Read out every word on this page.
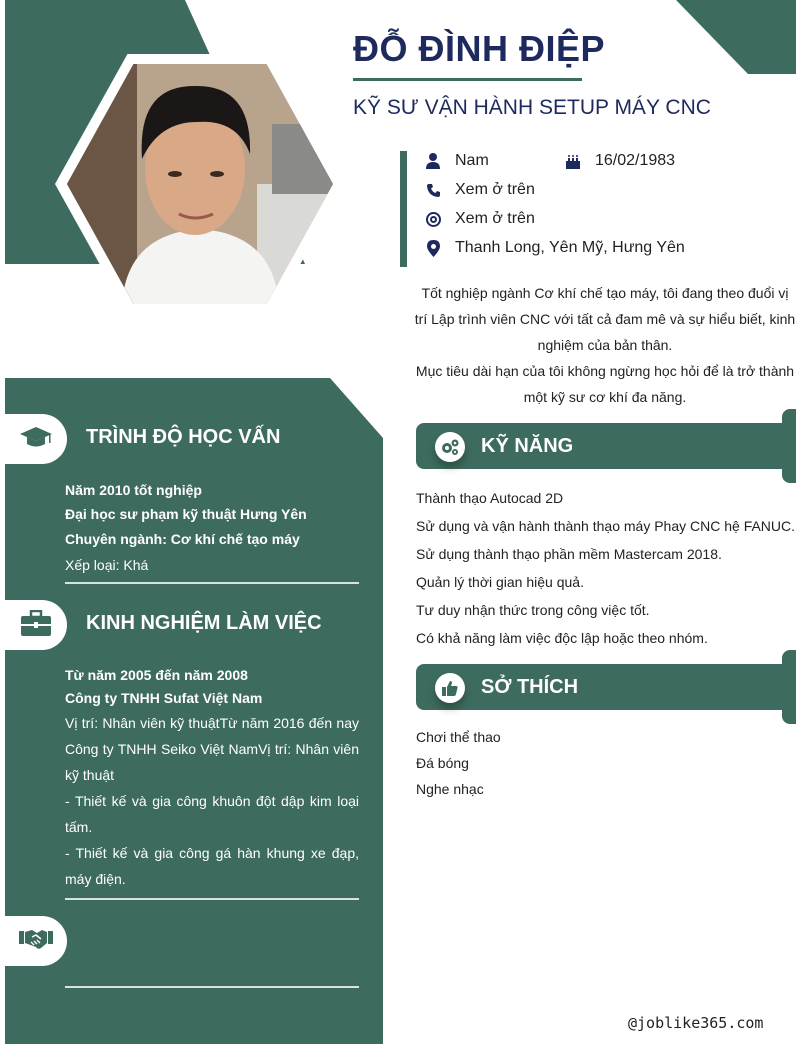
ĐỖ ĐÌNH ĐIỆP
KỸ SƯ VẬN HÀNH SETUP MÁY CNC
Nam	16/02/1983
Xem ở trên
Xem ở trên
Thanh Long, Yên Mỹ, Hưng Yên

Tốt nghiệp ngành Cơ khí chế tạo máy, tôi đang theo đuổi vị trí Lập trình viên CNC với tất cả đam mê và sự hiểu biết, kinh nghiệm của bản thân.

Mục tiêu dài hạn của tôi không ngừng học hỏi để là trở thành một kỹ sư cơ khí đa năng.

KỸ NĂNG
Thành thạo Autocad 2D
Sử dụng và vận hành thành thạo máy Phay CNC hệ FANUC.
Sử dụng thành thạo phần mềm Mastercam 2018.
Quản lý thời gian hiệu quả.
Tư duy nhận thức trong công việc tốt.
Có khả năng làm việc độc lập hoặc theo nhóm.
SỞ THÍCH
Chơi thể thao
Đá bóng
Nghe nhạc
TRÌNH ĐỘ HỌC VẤN
Năm 2010 tốt nghiệp
Đại học sư phạm kỹ thuật Hưng Yên
Chuyên ngành: Cơ khí chế tạo máy
Xếp loại: Khá
KINH NGHIỆM LÀM VIỆC
Từ năm 2005 đến năm 2008
Công ty TNHH Sufat Việt Nam
Vị trí: Nhân viên kỹ thuậtTừ năm 2016 đến nay Công ty TNHH Seiko Việt NamVị trí: Nhân viên kỹ thuật
- Thiết kế và gia công khuôn đột dập kim loại tấm.
- Thiết kế và gia công gá hàn khung xe đạp, máy điện.
@joblike365.com
